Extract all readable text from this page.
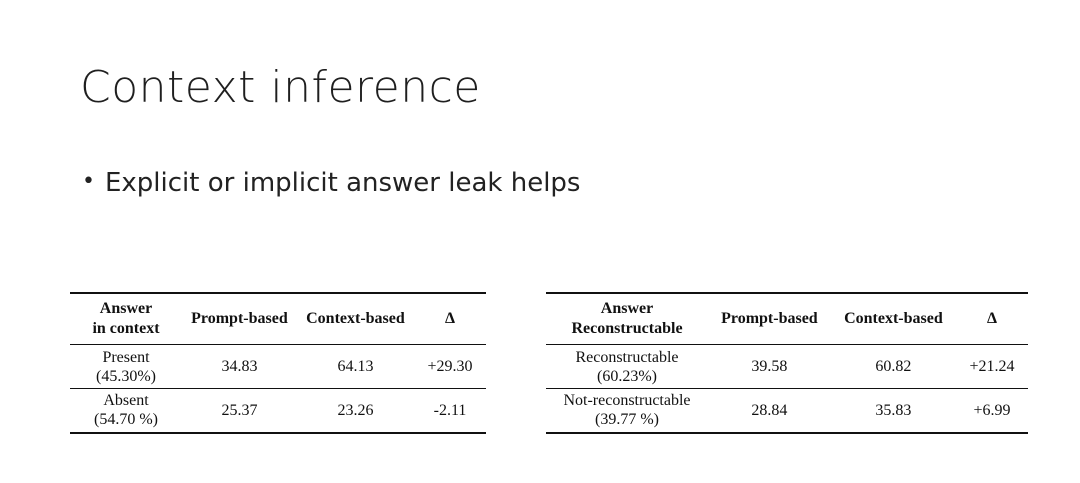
Context inference
• Explicit or implicit answer leak helps
Answer
in context	Prompt-based	Context-based	Δ

Present
(45.30%)	34.83	64.13	+29.30

Absent
(54.70 %)	25.37	23.26	-2.11
Answer
Reconstructable	Prompt-based	Context-based	Δ

Reconstructable
(60.23%)	39.58	60.82	+21.24

Not-reconstructable
(39.77 %)	28.84	35.83	+6.99
